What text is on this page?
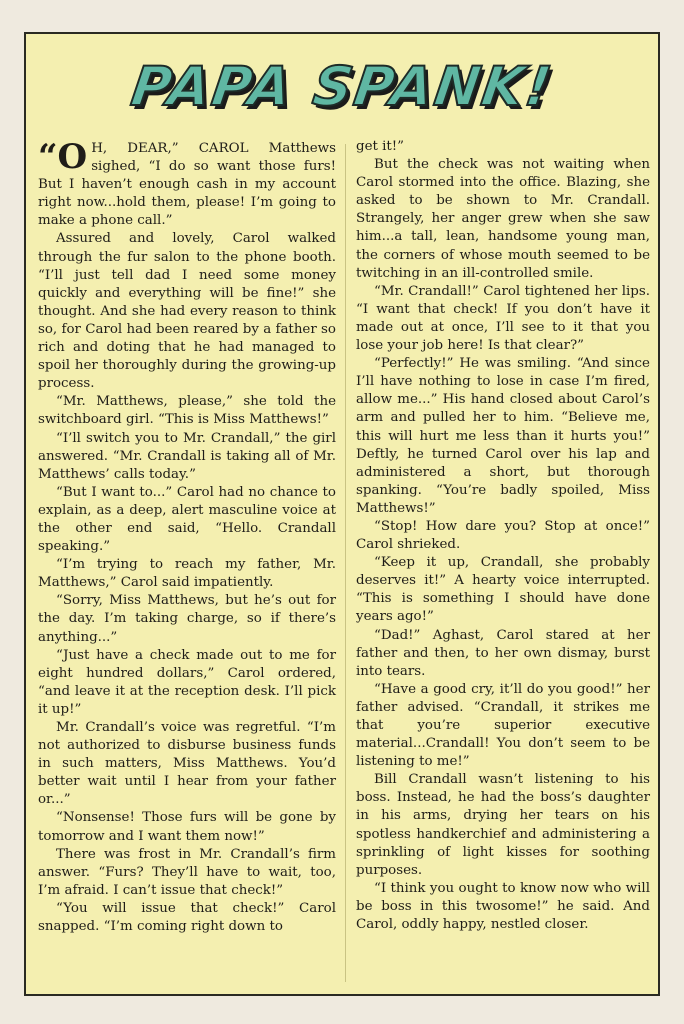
PAPA SPANK!

“O H, DEAR,” CAROL Matthews sighed, “I do so want those furs! But I haven’t enough cash in my account right now...hold them, please! I’m going to make a phone call.”

Assured and lovely, Carol walked through the fur salon to the phone booth. “I’ll just tell dad I need some money quickly and everything will be fine!” she thought. And she had every reason to think so, for Carol had been reared by a father so rich and doting that he had managed to spoil her thoroughly during the growing-up process.

“Mr. Matthews, please,” she told the switchboard girl. “This is Miss Matthews!”

“I’ll switch you to Mr. Crandall,” the girl answered. “Mr. Crandall is taking all of Mr. Matthews’ calls today.”

“But I want to...” Carol had no chance to explain, as a deep, alert masculine voice at the other end said, “Hello. Crandall speaking.”

“I’m trying to reach my father, Mr. Matthews,” Carol said impatiently.

“Sorry, Miss Matthews, but he’s out for the day. I’m taking charge, so if there’s anything...”

“Just have a check made out to me for eight hundred dollars,” Carol ordered, “and leave it at the reception desk. I’ll pick it up!”

Mr. Crandall’s voice was regretful. “I’m not authorized to disburse business funds in such matters, Miss Matthews. You’d better wait until I hear from your father or...”

“Nonsense! Those furs will be gone by tomorrow and I want them now!”

There was frost in Mr. Crandall’s firm answer. “Furs? They’ll have to wait, too, I’m afraid. I can’t issue that check!”

“You will issue that check!” Carol snapped. “I’m coming right down to

get it!”

But the check was not waiting when Carol stormed into the office. Blazing, she asked to be shown to Mr. Crandall. Strangely, her anger grew when she saw him...a tall, lean, handsome young man, the corners of whose mouth seemed to be twitching in an ill-controlled smile.

“Mr. Crandall!” Carol tightened her lips. “I want that check! If you don’t have it made out at once, I’ll see to it that you lose your job here! Is that clear?”

“Perfectly!” He was smiling. “And since I’ll have nothing to lose in case I’m fired, allow me...” His hand closed about Carol’s arm and pulled her to him. “Believe me, this will hurt me less than it hurts you!” Deftly, he turned Carol over his lap and administered a short, but thorough spanking. “You’re badly spoiled, Miss Matthews!”

“Stop! How dare you? Stop at once!” Carol shrieked.

“Keep it up, Crandall, she probably deserves it!” A hearty voice interrupted. “This is something I should have done years ago!”

“Dad!” Aghast, Carol stared at her father and then, to her own dismay, burst into tears.

“Have a good cry, it’ll do you good!” her father advised. “Crandall, it strikes me that you’re superior executive material...Crandall! You don’t seem to be listening to me!”

Bill Crandall wasn’t listening to his boss. Instead, he had the boss’s daughter in his arms, drying her tears on his spotless handkerchief and administering a sprinkling of light kisses for soothing purposes.

“I think you ought to know now who will be boss in this twosome!” he said. And Carol, oddly happy, nestled closer.
